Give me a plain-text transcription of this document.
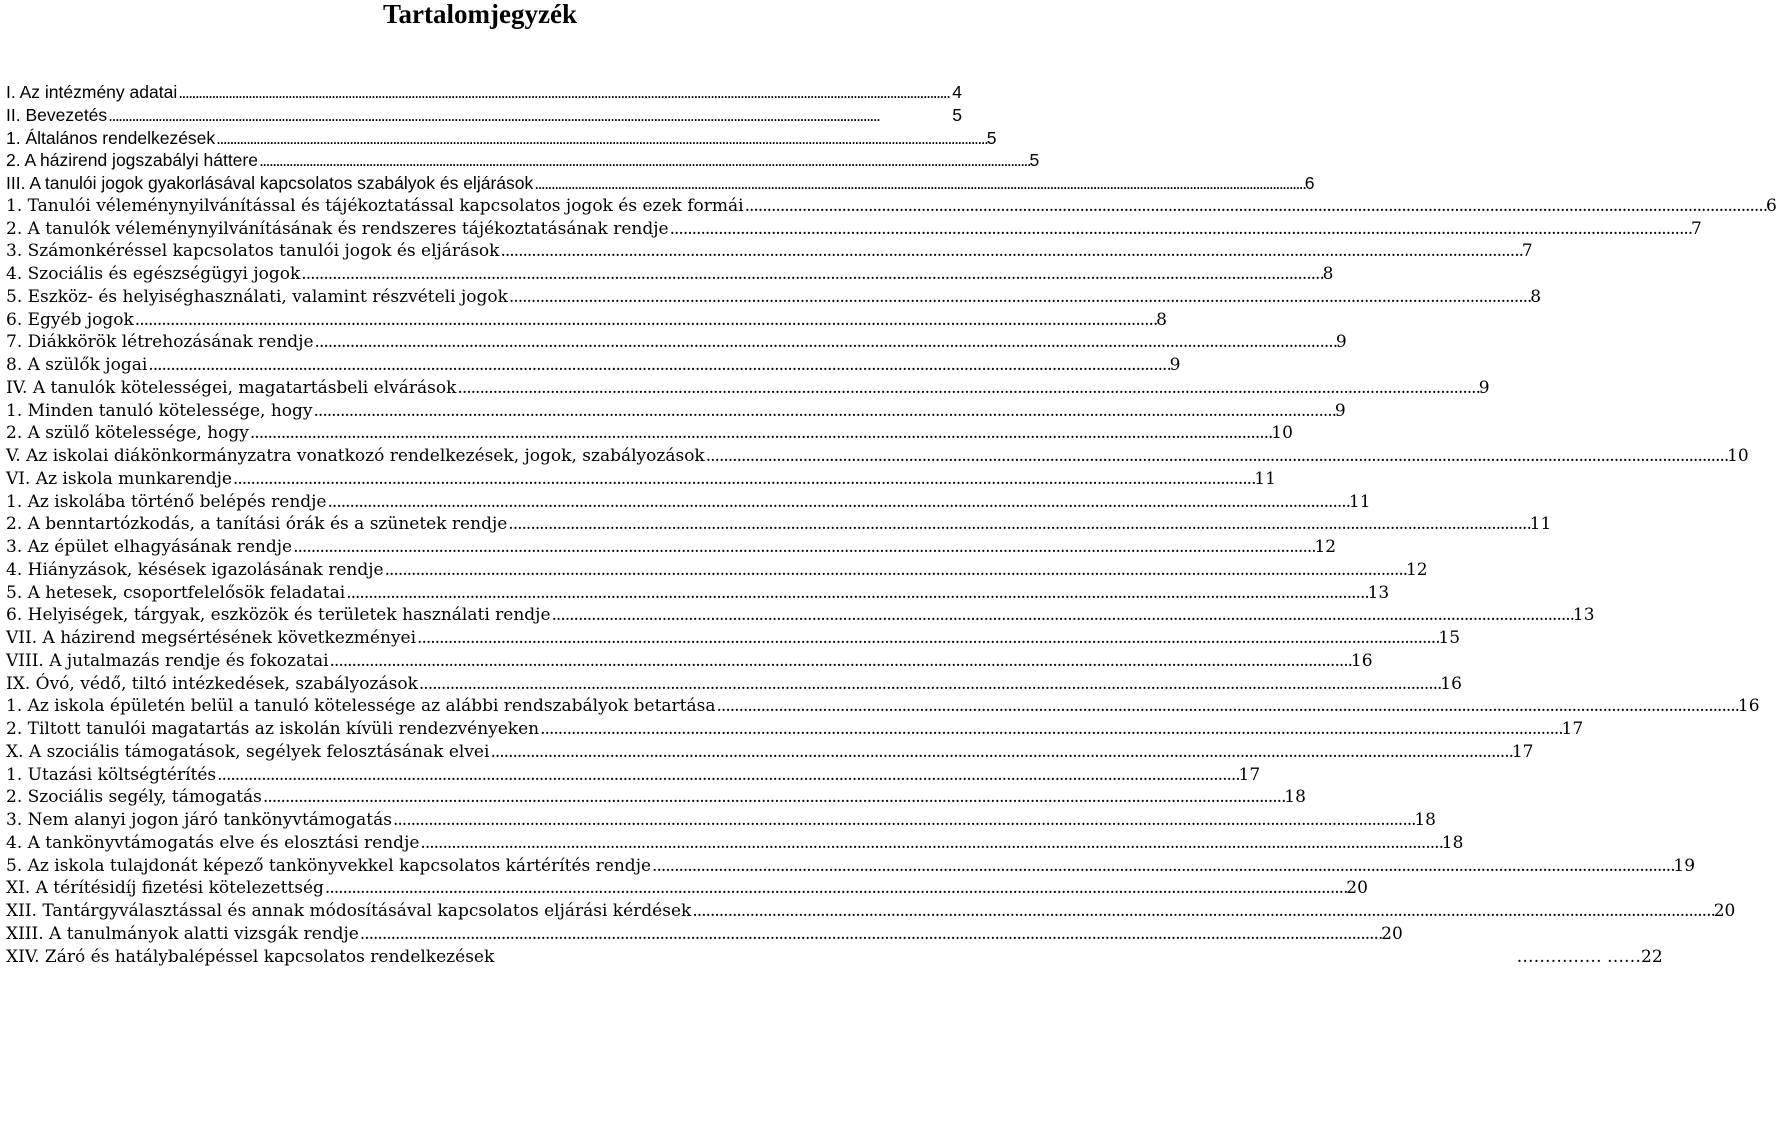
Tartalomjegyzék
I. Az intézmény adatai . . .	4
II. Bevezetés . . .	5
1. Általános rendelkezések . . .	5
2. A házirend jogszabályi háttere . . .	5
III. A tanulói jogok gyakorlásával kapcsolatos szabályok és eljárások . . .	6
1. Tanulói véleménynyilvánítással és tájékoztatással kapcsolatos jogok és ezek formái . . .	6
2. A tanulók véleménynyilvánításának és rendszeres tájékoztatásának rendje . . .	7
3. Számonkéréssel kapcsolatos tanulói jogok és eljárások . . .	7
4. Szociális és egészségügyi jogok . . .	8
5. Eszköz- és helyiséghasználati, valamint részvételi jogok . . .	8
6. Egyéb jogok . . .	8
7. Diákkörök létrehozásának rendje . . .	9
8. A szülők jogai . . .	9
IV. A tanulók kötelességei, magatartásbeli elvárások . . .	9
1. Minden tanuló kötelessége, hogy . . .	9
2. A szülő kötelessége, hogy . . .	10
V. Az iskolai diákönkormányzatra vonatkozó rendelkezések, jogok, szabályozások . . .	10
VI. Az iskola munkarendje . . .	11
1. Az iskolába történő belépés rendje . . .	11
2. A benntartózkodás, a tanítási órák és a szünetek rendje . . .	11
3. Az épület elhagyásának rendje . . .	12
4. Hiányzások, késések igazolásának rendje . . .	12
5. A hetesek, csoportfelelősök feladatai . . .	13
6. Helyiségek, tárgyak, eszközök és területek használati rendje . . .	13
VII. A házirend megsértésének következményei . . .	15
VIII. A jutalmazás rendje és fokozatai . . .	16
IX. Óvó, védő, tiltó intézkedések, szabályozások . . .	16
1. Az iskola épületén belül a tanuló kötelessége az alábbi rendszabályok betartása . . .	16
2. Tiltott tanulói magatartás az iskolán kívüli rendezvényeken . . .	17
X. A szociális támogatások, segélyek felosztásának elvei . . .	17
1. Utazási költségtérítés . . .	17
2. Szociális segély, támogatás . . .	18
3. Nem alanyi jogon járó tankönyvtámogatás . . .	18
4. A tankönyvtámogatás elve és elosztási rendje . . .	18
5. Az iskola tulajdonát képező tankönyvekkel kapcsolatos kártérítés rendje . . .	19
XI. A térítésidíj fizetési kötelezettség . . .	20
XII. Tantárgyválasztással és annak módosításával kapcsolatos eljárási kérdések . . .	20
XIII. A tanulmányok alatti vizsgák rendje . . .	20
XIV. Záró és hatálybalépéssel kapcsolatos rendelkezések	…………… ……22
